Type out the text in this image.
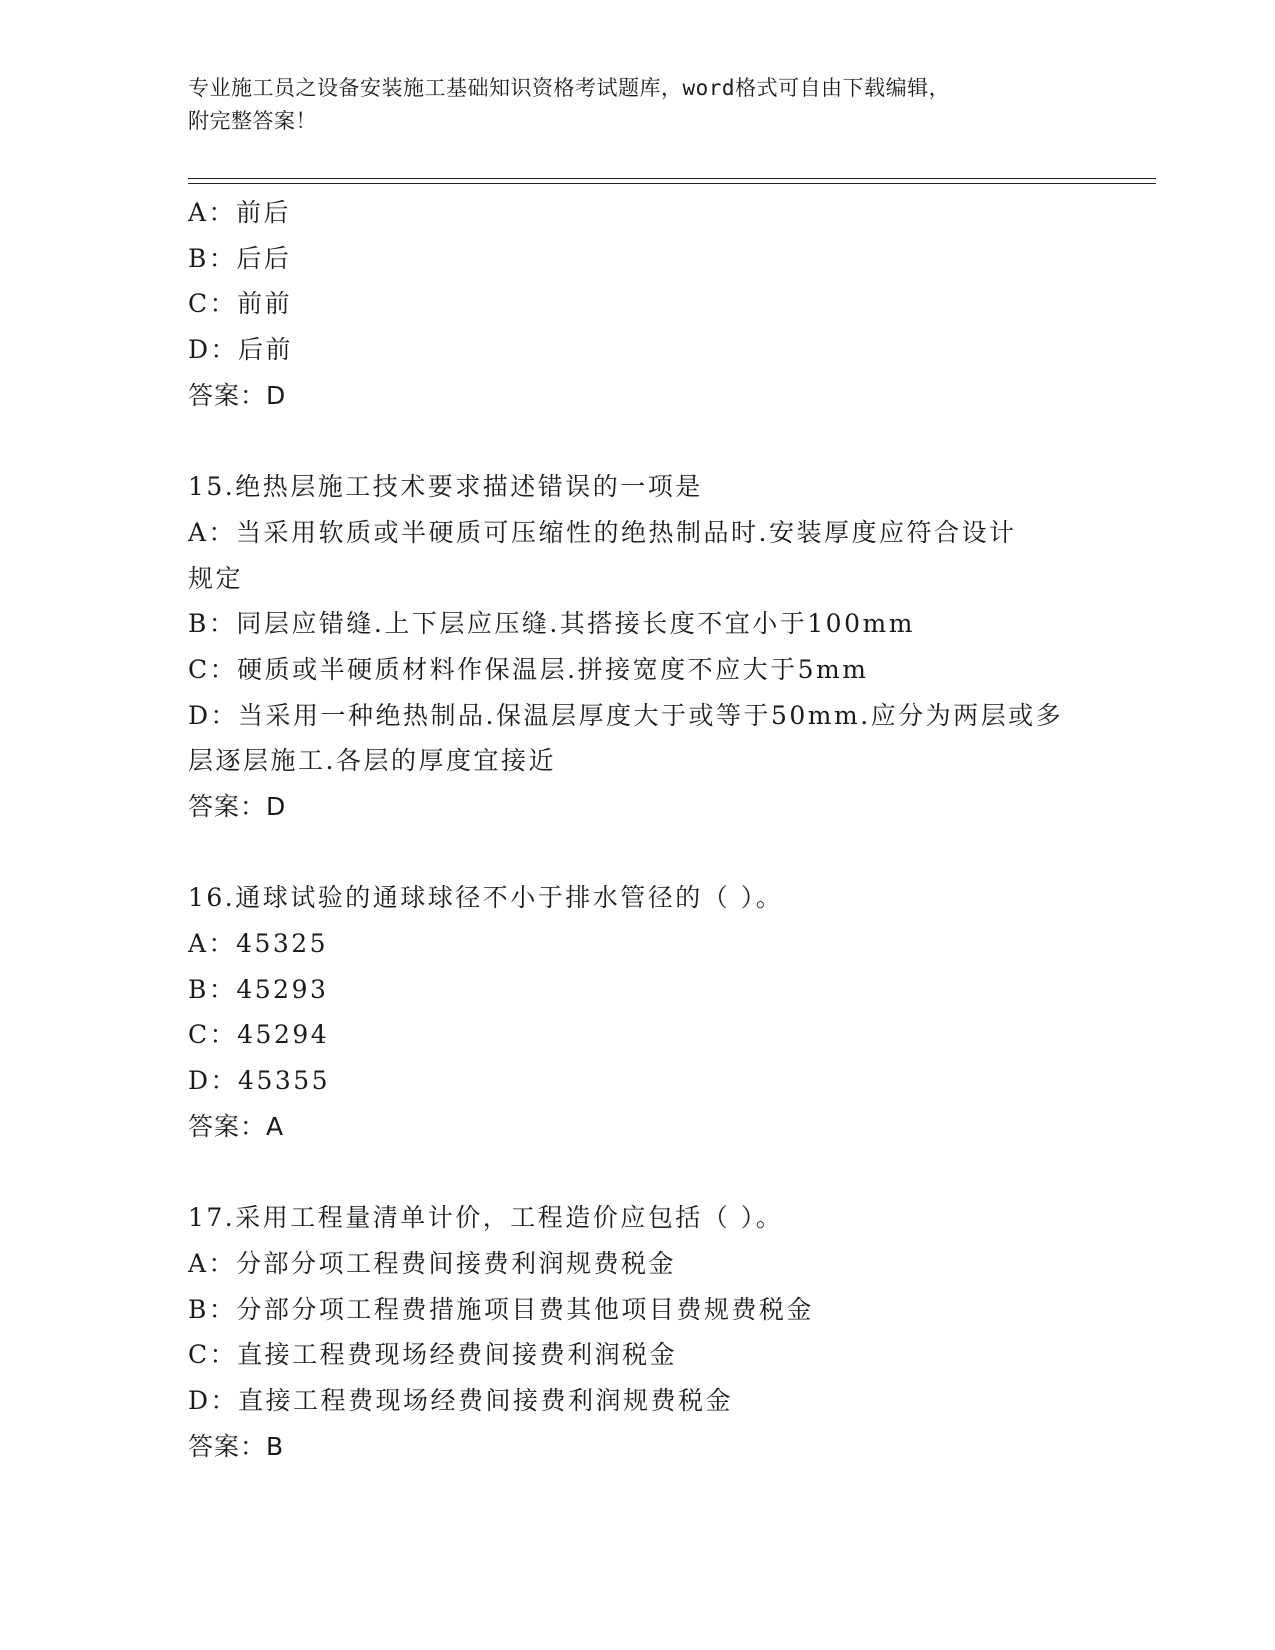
专业施工员之设备安装施工基础知识资格考试题库，word格式可自由下载编辑，
附完整答案！
A：前后
B：后后
C：前前
D：后前
答案：D
15.绝热层施工技术要求描述错误的一项是
A：当采用软质或半硬质可压缩性的绝热制品时.安装厚度应符合设计
规定
B：同层应错缝.上下层应压缝.其搭接长度不宜小于100mm
C：硬质或半硬质材料作保温层.拼接宽度不应大于5mm
D：当采用一种绝热制品.保温层厚度大于或等于50mm.应分为两层或多
层逐层施工.各层的厚度宜接近
答案：D
16.通球试验的通球球径不小于排水管径的（ ）。
A：45325
B：45293
C：45294
D：45355
答案：A
17.采用工程量清单计价，工程造价应包括（ ）。
A：分部分项工程费间接费利润规费税金
B：分部分项工程费措施项目费其他项目费规费税金
C：直接工程费现场经费间接费利润税金
D：直接工程费现场经费间接费利润规费税金
答案：B
